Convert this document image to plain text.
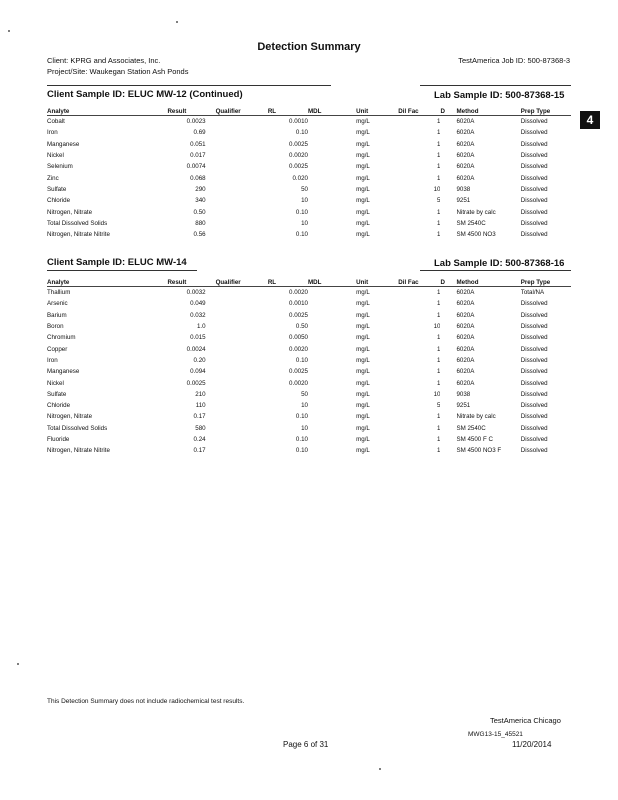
Detection Summary
Client: KPRG and Associates, Inc.
Project/Site: Waukegan Station Ash Ponds
TestAmerica Job ID: 500-87368-3
4
Client Sample ID: ELUC MW-12 (Continued)	Lab Sample ID: 500-87368-15
Analyte	Result	Qualifier	RL	MDL	Unit	Dil Fac	D	Method	Prep Type
Cobalt	0.0023		0.0010		mg/L	1		6020A	Dissolved
Iron	0.69		0.10		mg/L	1		6020A	Dissolved
Manganese	0.051		0.0025		mg/L	1		6020A	Dissolved
Nickel	0.017		0.0020		mg/L	1		6020A	Dissolved
Selenium	0.0074		0.0025		mg/L	1		6020A	Dissolved
Zinc	0.068		0.020		mg/L	1		6020A	Dissolved
Sulfate	290		50		mg/L	10		9038	Dissolved
Chloride	340		10		mg/L	5		9251	Dissolved
Nitrogen, Nitrate	0.50		0.10		mg/L	1		Nitrate by calc	Dissolved
Total Dissolved Solids	880		10		mg/L	1		SM 2540C	Dissolved
Nitrogen, Nitrate Nitrite	0.56		0.10		mg/L	1		SM 4500 NO3	Dissolved
Client Sample ID: ELUC MW-14	Lab Sample ID: 500-87368-16
Analyte	Result	Qualifier	RL	MDL	Unit	Dil Fac	D	Method	Prep Type
Thallium	0.0032		0.0020		mg/L	1		6020A	Total/NA
Arsenic	0.049		0.0010		mg/L	1		6020A	Dissolved
Barium	0.032		0.0025		mg/L	1		6020A	Dissolved
Boron	1.0		0.50		mg/L	10		6020A	Dissolved
Chromium	0.015		0.0050		mg/L	1		6020A	Dissolved
Copper	0.0024		0.0020		mg/L	1		6020A	Dissolved
Iron	0.20		0.10		mg/L	1		6020A	Dissolved
Manganese	0.094		0.0025		mg/L	1		6020A	Dissolved
Nickel	0.0025		0.0020		mg/L	1		6020A	Dissolved
Sulfate	210		50		mg/L	10		9038	Dissolved
Chloride	110		10		mg/L	5		9251	Dissolved
Nitrogen, Nitrate	0.17		0.10		mg/L	1		Nitrate by calc	Dissolved
Total Dissolved Solids	580		10		mg/L	1		SM 2540C	Dissolved
Fluoride	0.24		0.10		mg/L	1		SM 4500 F C	Dissolved
Nitrogen, Nitrate Nitrite	0.17		0.10		mg/L	1		SM 4500 NO3 F	Dissolved
This Detection Summary does not include radiochemical test results.
TestAmerica Chicago
MWG13-15_45521
Page 6 of 31	11/20/2014
